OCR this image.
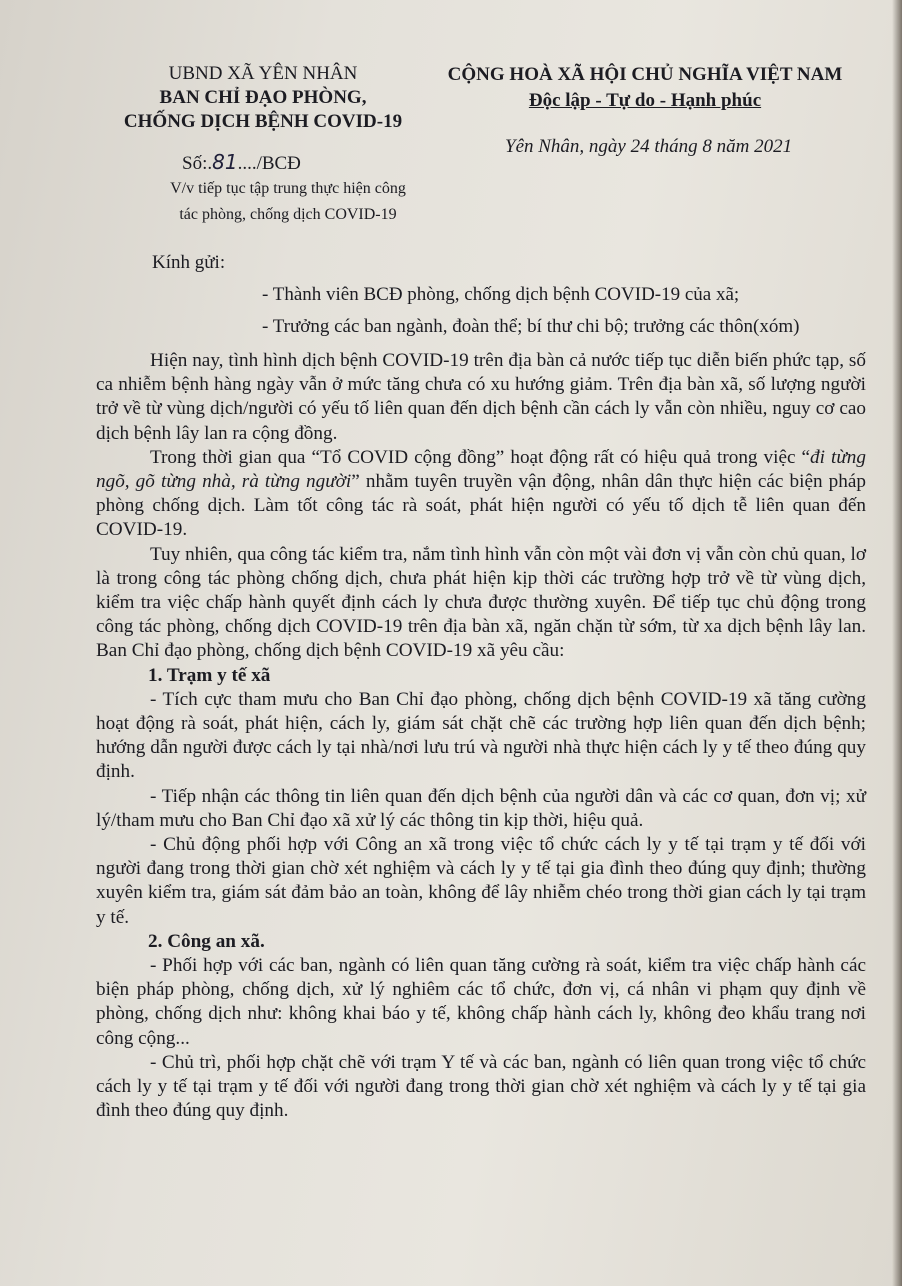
UBND XÃ YÊN NHÂN
BAN CHỈ ĐẠO PHÒNG,
CHỐNG DỊCH BỆNH COVID-19
CỘNG HOÀ XÃ HỘI CHỦ NGHĨA VIỆT NAM
Độc lập - Tự do - Hạnh phúc
Yên Nhân, ngày 24 tháng 8 năm 2021
Số:.81..../BCĐ
V/v tiếp tục tập trung thực hiện công
tác phòng, chống dịch COVID-19
Kính gửi:
- Thành viên BCĐ phòng, chống dịch bệnh COVID-19 của xã;
- Trưởng các ban ngành, đoàn thể; bí thư chi bộ; trưởng các thôn(xóm)

Hiện nay, tình hình dịch bệnh COVID-19 trên địa bàn cả nước tiếp tục diễn biến phức tạp, số ca nhiễm bệnh hàng ngày vẫn ở mức tăng chưa có xu hướng giảm. Trên địa bàn xã, số lượng người trở về từ vùng dịch/người có yếu tố liên quan đến dịch bệnh cần cách ly vẫn còn nhiều, nguy cơ cao dịch bệnh lây lan ra cộng đồng.

Trong thời gian qua “Tổ COVID cộng đồng” hoạt động rất có hiệu quả trong việc “đi từng ngõ, gõ từng nhà, rà từng người” nhằm tuyên truyền vận động, nhân dân thực hiện các biện pháp phòng chống dịch. Làm tốt công tác rà soát, phát hiện người có yếu tố dịch tễ liên quan đến COVID-19.

Tuy nhiên, qua công tác kiểm tra, nắm tình hình vẫn còn một vài đơn vị vẫn còn chủ quan, lơ là trong công tác phòng chống dịch, chưa phát hiện kịp thời các trường hợp trở về từ vùng dịch, kiểm tra việc chấp hành quyết định cách ly chưa được thường xuyên. Để tiếp tục chủ động trong công tác phòng, chống dịch COVID-19 trên địa bàn xã, ngăn chặn từ sớm, từ xa dịch bệnh lây lan. Ban Chỉ đạo phòng, chống dịch bệnh COVID-19 xã yêu cầu:

1. Trạm y tế xã

- Tích cực tham mưu cho Ban Chỉ đạo phòng, chống dịch bệnh COVID-19 xã tăng cường hoạt động rà soát, phát hiện, cách ly, giám sát chặt chẽ các trường hợp liên quan đến dịch bệnh; hướng dẫn người được cách ly tại nhà/nơi lưu trú và người nhà thực hiện cách ly y tế theo đúng quy định.

- Tiếp nhận các thông tin liên quan đến dịch bệnh của người dân và các cơ quan, đơn vị; xử lý/tham mưu cho Ban Chỉ đạo xã xử lý các thông tin kịp thời, hiệu quả.

- Chủ động phối hợp với Công an xã trong việc tổ chức cách ly y tế tại trạm y tế đối với người đang trong thời gian chờ xét nghiệm và cách ly y tế tại gia đình theo đúng quy định; thường xuyên kiểm tra, giám sát đảm bảo an toàn, không để lây nhiễm chéo trong thời gian cách ly tại trạm y tế.

2. Công an xã.

- Phối hợp với các ban, ngành có liên quan tăng cường rà soát, kiểm tra việc chấp hành các biện pháp phòng, chống dịch, xử lý nghiêm các tổ chức, đơn vị, cá nhân vi phạm quy định về phòng, chống dịch như: không khai báo y tế, không chấp hành cách ly, không đeo khẩu trang nơi công cộng...

- Chủ trì, phối hợp chặt chẽ với trạm Y tế và các ban, ngành có liên quan trong việc tổ chức cách ly y tế tại trạm y tế đối với người đang trong thời gian chờ xét nghiệm và cách ly y tế tại gia đình theo đúng quy định.
